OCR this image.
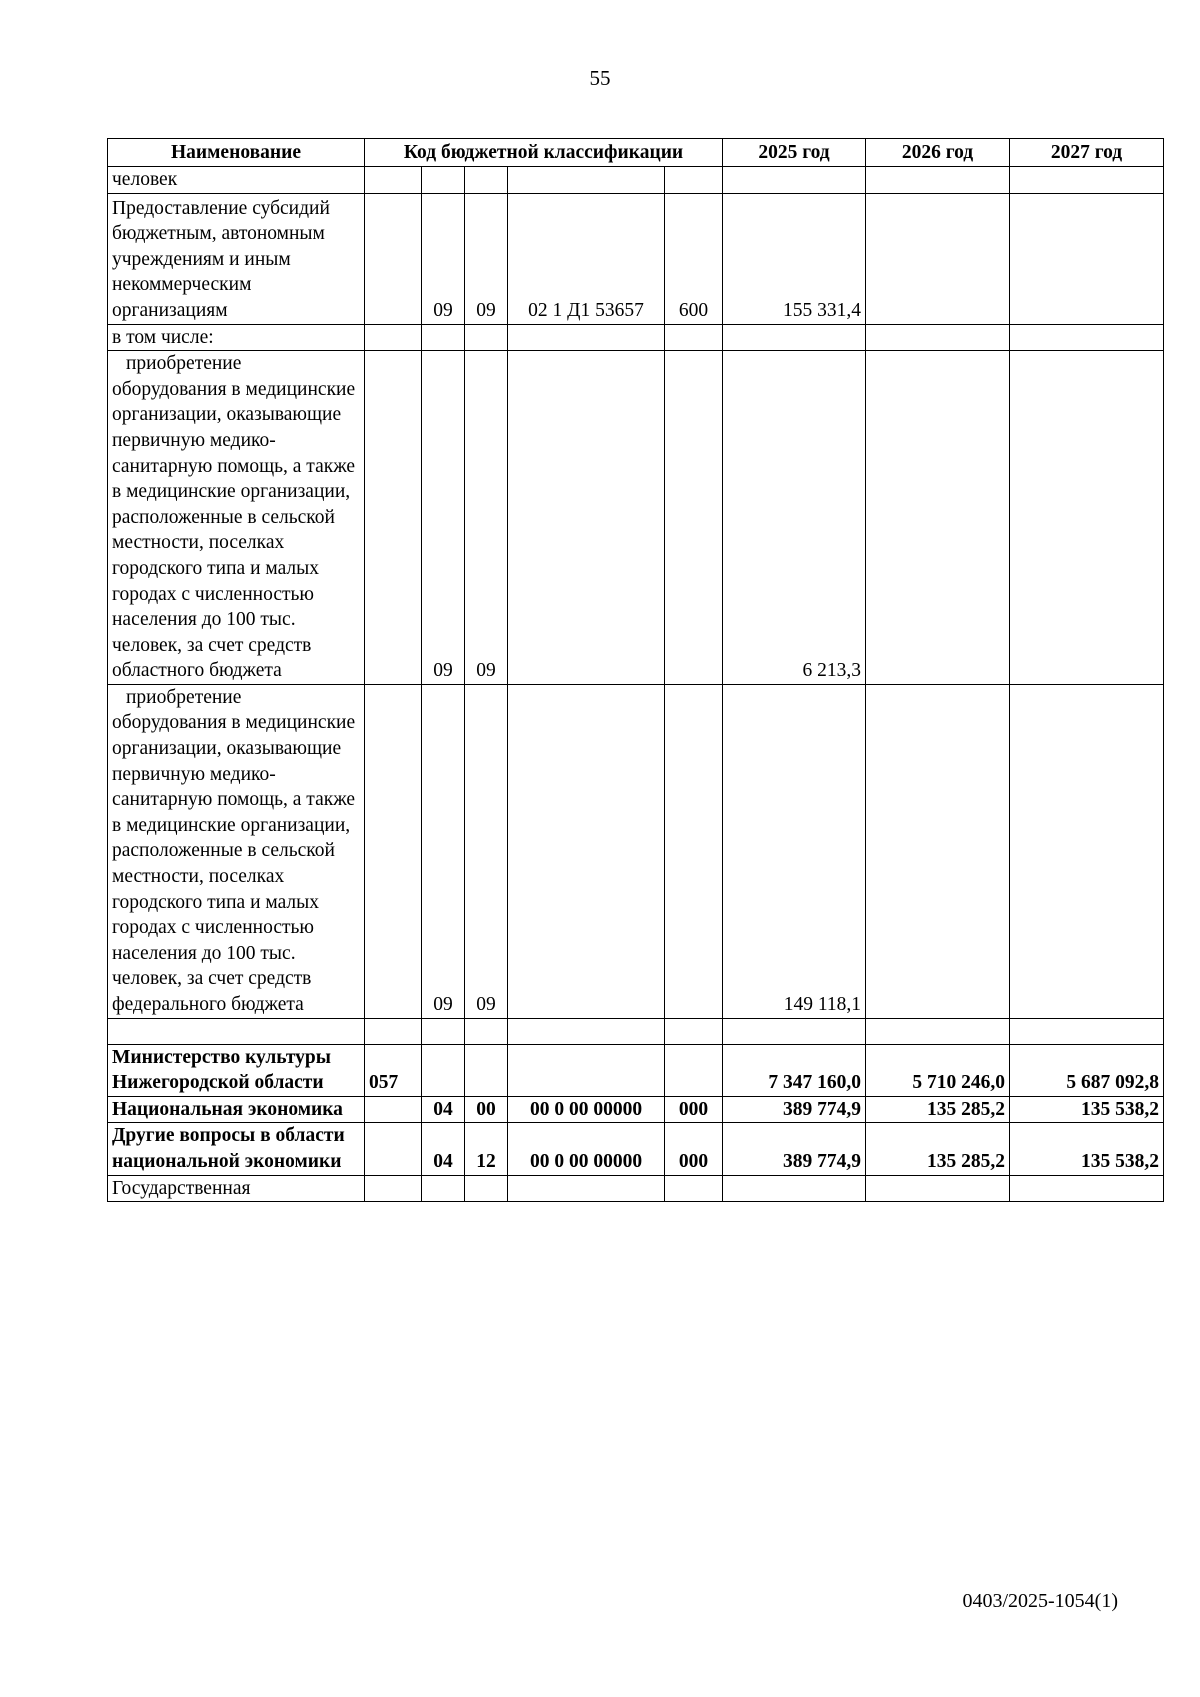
55
Наименование	Код бюджетной классификации					2025 год	2026 год	2027 год
человек								
Предоставление субсидий бюджетным, автономным учреждениям и иным некоммерческим организациям		09	09	02 1 Д1 53657	600	155 331,4		
в том числе:								
приобретение оборудования в медицинские организации, оказывающие первичную медико-санитарную помощь, а также в медицинские организации, расположенные в сельской местности, поселках городского типа и малых городах с численностью населения до 100 тыс. человек, за счет средств областного бюджета		09	09			6 213,3		
приобретение оборудования в медицинские организации, оказывающие первичную медико-санитарную помощь, а также в медицинские организации, расположенные в сельской местности, поселках городского типа и малых городах с численностью населения до 100 тыс. человек, за счет средств федерального бюджета		09	09			149 118,1		

Министерство культуры Нижегородской области	057					7 347 160,0	5 710 246,0	5 687 092,8
Национальная экономика		04	00	00 0 00 00000	000	389 774,9	135 285,2	135 538,2
Другие вопросы в области национальной экономики		04	12	00 0 00 00000	000	389 774,9	135 285,2	135 538,2
Государственная								
0403/2025-1054(1)
